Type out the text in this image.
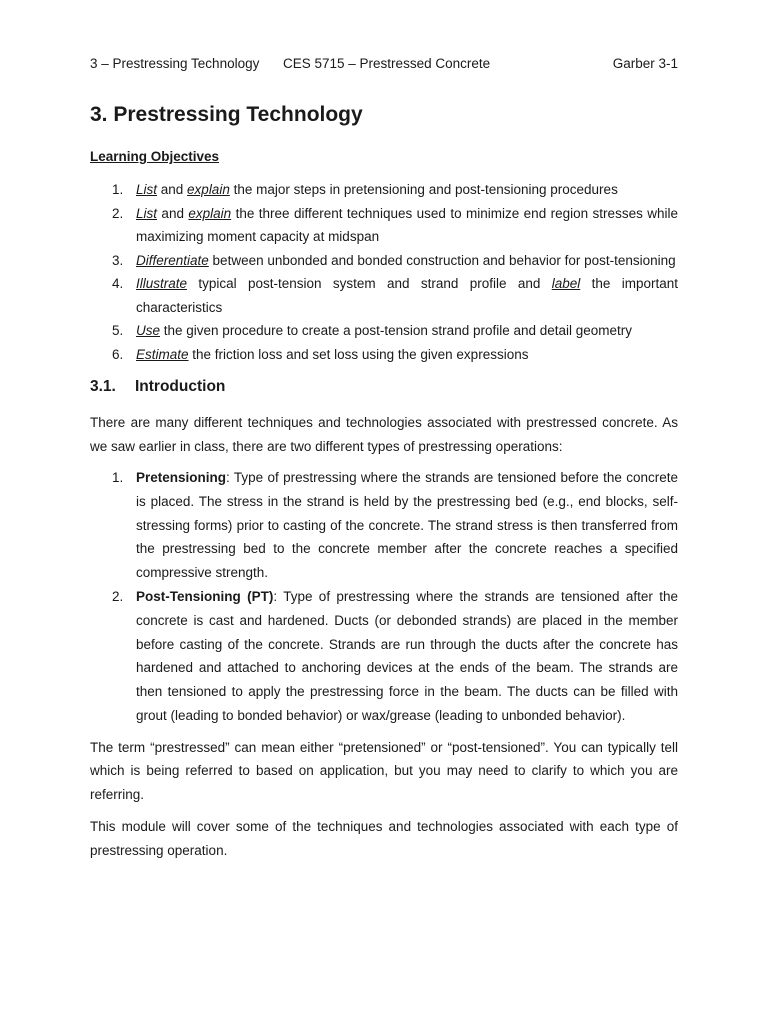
3 – Prestressing Technology CES 5715 – Prestressed Concrete	Garber 3-1
3. Prestressing Technology
Learning Objectives
1. List and explain the major steps in pretensioning and post-tensioning procedures
2. List and explain the three different techniques used to minimize end region stresses while maximizing moment capacity at midspan
3. Differentiate between unbonded and bonded construction and behavior for post-tensioning
4. Illustrate typical post-tension system and strand profile and label the important characteristics
5. Use the given procedure to create a post-tension strand profile and detail geometry
6. Estimate the friction loss and set loss using the given expressions
3.1. Introduction

There are many different techniques and technologies associated with prestressed concrete. As we saw earlier in class, there are two different types of prestressing operations:

1. Pretensioning: Type of prestressing where the strands are tensioned before the concrete is placed. The stress in the strand is held by the prestressing bed (e.g., end blocks, self-stressing forms) prior to casting of the concrete. The strand stress is then transferred from the prestressing bed to the concrete member after the concrete reaches a specified compressive strength.
2. Post-Tensioning (PT): Type of prestressing where the strands are tensioned after the concrete is cast and hardened. Ducts (or debonded strands) are placed in the member before casting of the concrete. Strands are run through the ducts after the concrete has hardened and attached to anchoring devices at the ends of the beam. The strands are then tensioned to apply the prestressing force in the beam. The ducts can be filled with grout (leading to bonded behavior) or wax/grease (leading to unbonded behavior).

The term “prestressed” can mean either “pretensioned” or “post-tensioned”. You can typically tell which is being referred to based on application, but you may need to clarify to which you are referring.

This module will cover some of the techniques and technologies associated with each type of prestressing operation.
